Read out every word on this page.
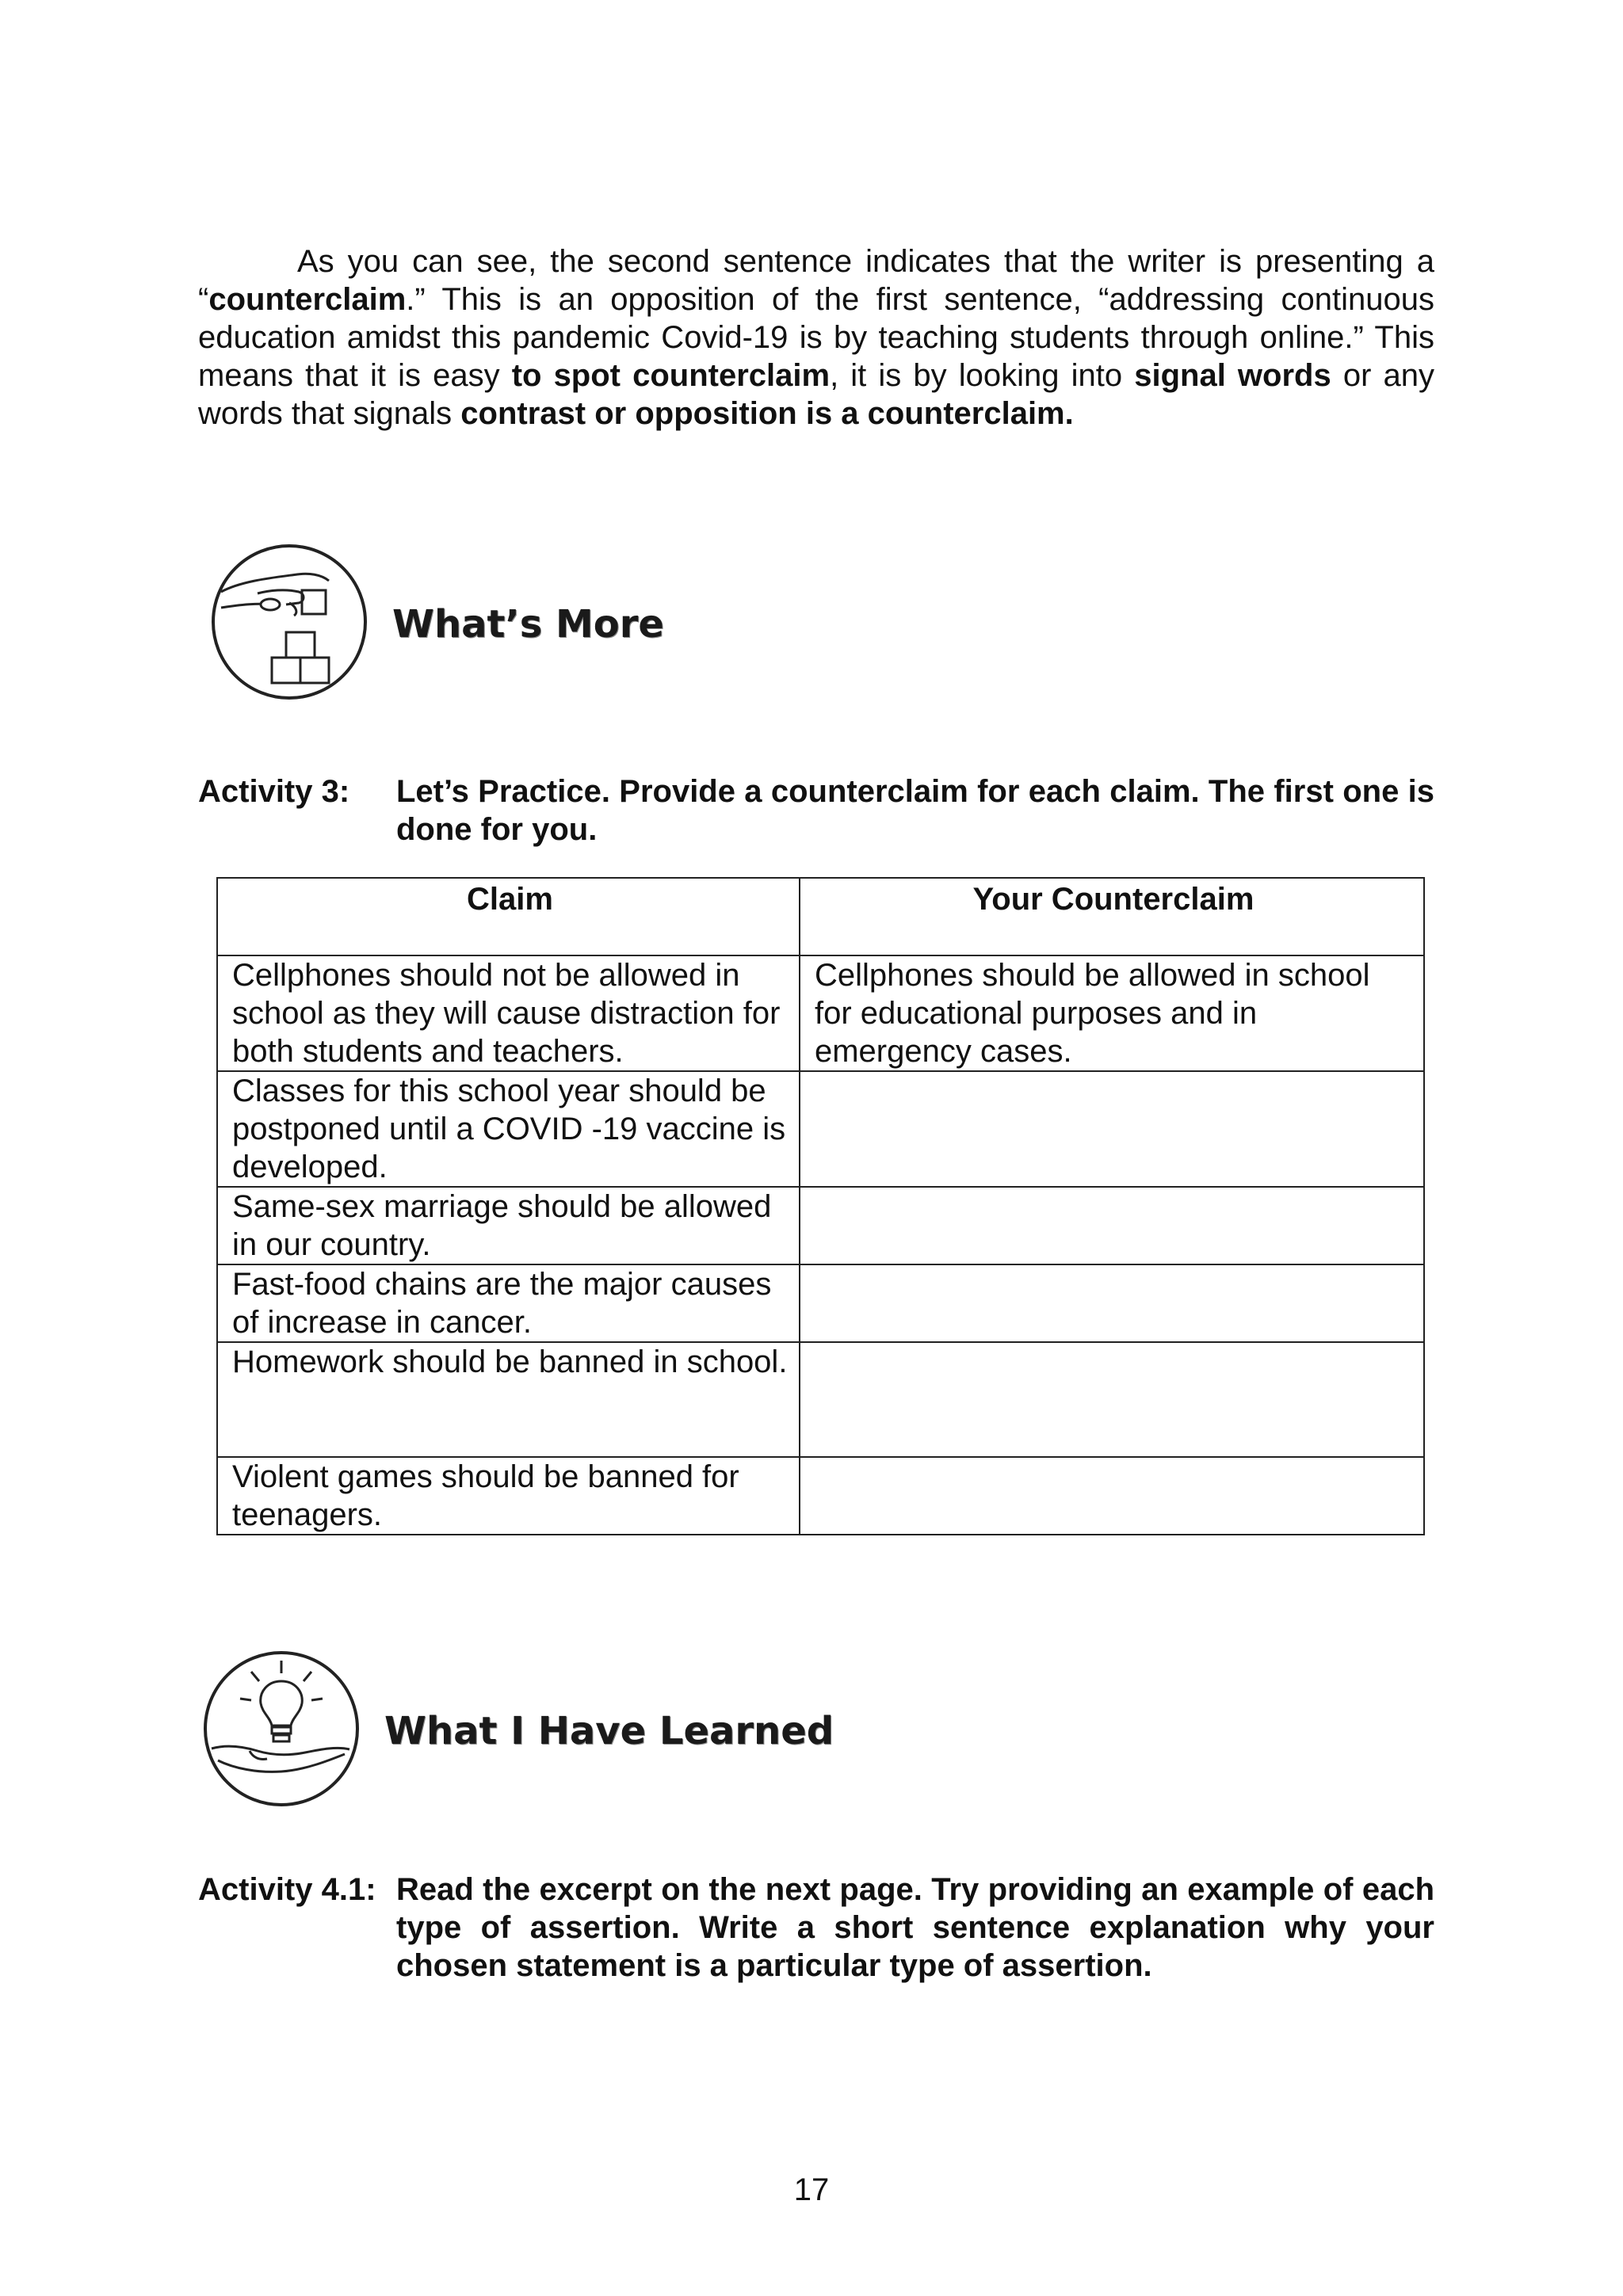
As you can see, the second sentence indicates that the writer is presenting a “counterclaim.” This is an opposition of the first sentence, “addressing continuous education amidst this pandemic Covid-19 is by teaching students through online.” This means that it is easy to spot counterclaim, it is by looking into signal words or any words that signals contrast or opposition is a counterclaim.

What’s More
Activity 3:	Let’s Practice. Provide a counterclaim for each claim. The first one is done for you.
Claim	Your Counterclaim
Cellphones should not be allowed in school as they will cause distraction for both students and teachers.	Cellphones should be allowed in school for educational purposes and in emergency cases.
Classes for this school year should be postponed until a COVID -19 vaccine is developed.	
Same-sex marriage should be allowed in our country.	
Fast-food chains are the major causes of increase in cancer.	
Homework should be banned in school.	
Violent games should be banned for teenagers.	
What I Have Learned
Activity 4.1: Read the excerpt on the next page. Try providing an example of each type of assertion. Write a short sentence explanation why your chosen statement is a particular type of assertion.
17
